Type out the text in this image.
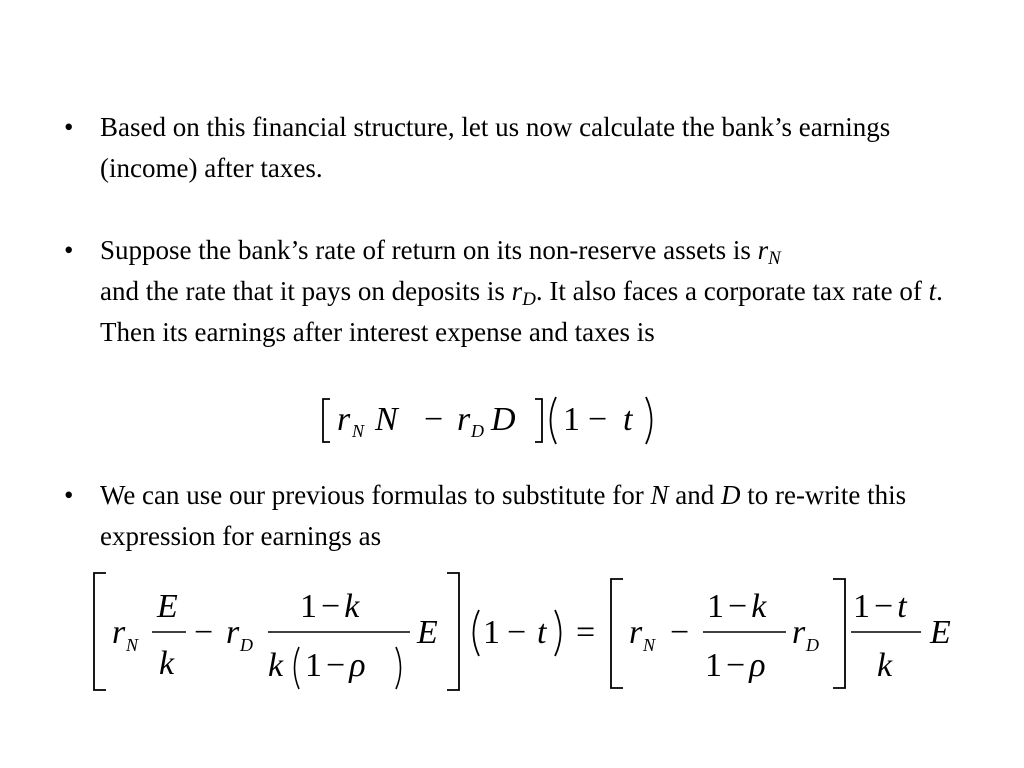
• Based on this financial structure, let us now calculate the bank’s earnings (income) after taxes.
• Suppose the bank’s rate of return on its non-reserve assets is $r_N$
and the rate that it pays on deposits is $r_D$. It also faces a corporate tax rate of t. Then its earnings after interest expense and taxes is
r N N − r D D 1 − t
• We can use our previous formulas to substitute for N and D to re-write this expression for earnings as
r N
E
k
− r D
1 − k
k 1 − ρ
E 1 − t = r N −
1 − k
1 − ρ
r D
1 − t
k
E
